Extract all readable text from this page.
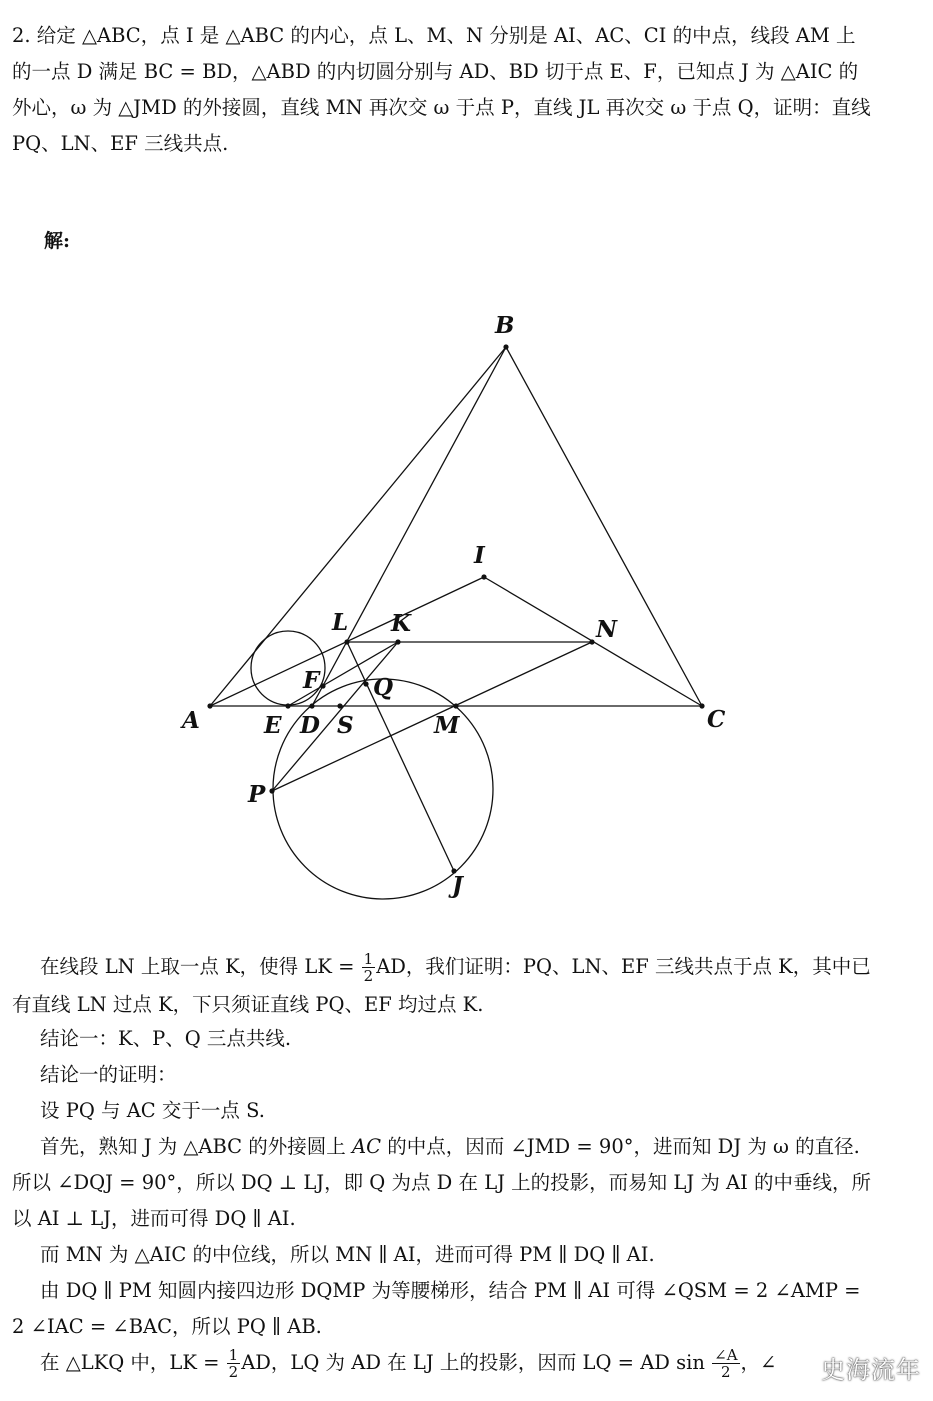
2. 给定 △ABC，点 I 是 △ABC 的内心，点 L、M、N 分别是 AI、AC、CI 的中点，线段 AM 上
的一点 D 满足 BC = BD，△ABD 的内切圆分别与 AD、BD 切于点 E、F，已知点 J 为 △AIC 的
外心，ω 为 △JMD 的外接圆，直线 MN 再次交 ω 于点 P，直线 JL 再次交 ω 于点 Q，证明：直线
PQ、LN、EF 三线共点.
解:
A
B
C
I
L K	N
F Q
E D S	M
P
J
在线段 LN 上取一点 K，使得 LK = $\frac{1}{2}$ AD，我们证明：PQ、LN、EF 三线共点于点 K，其中已
有直线 LN 过点 K，下只须证直线 PQ、EF 均过点 K.
结论一：K、P、Q 三点共线.
结论一的证明：
设 PQ 与 AC 交于一点 S.
首先，熟知 J 为 △ABC 的外接圆上 AC 的中点，因而 ∠JMD = 90°，进而知 DJ 为 ω 的直径.
所以 ∠DQJ = 90°，所以 DQ ⊥ LJ，即 Q 为点 D 在 LJ 上的投影，而易知 LJ 为 AI 的中垂线，所
以 AI ⊥ LJ，进而可得 DQ ∥ AI.
而 MN 为 △AIC 的中位线，所以 MN ∥ AI，进而可得 PM ∥ DQ ∥ AI.
由 DQ ∥ PM 知圆内接四边形 DQMP 为等腰梯形，结合 PM ∥ AI 可得 ∠QSM = 2 ∠AMP =
2 ∠IAC = ∠BAC，所以 PQ ∥ AB.
在 △LKQ 中，LK = $\frac{1}{2}$ AD，LQ 为 AD 在 LJ 上的投影，因而 LQ = AD $\sin \frac{\angle A}{2}$ ，∠	史海流年
